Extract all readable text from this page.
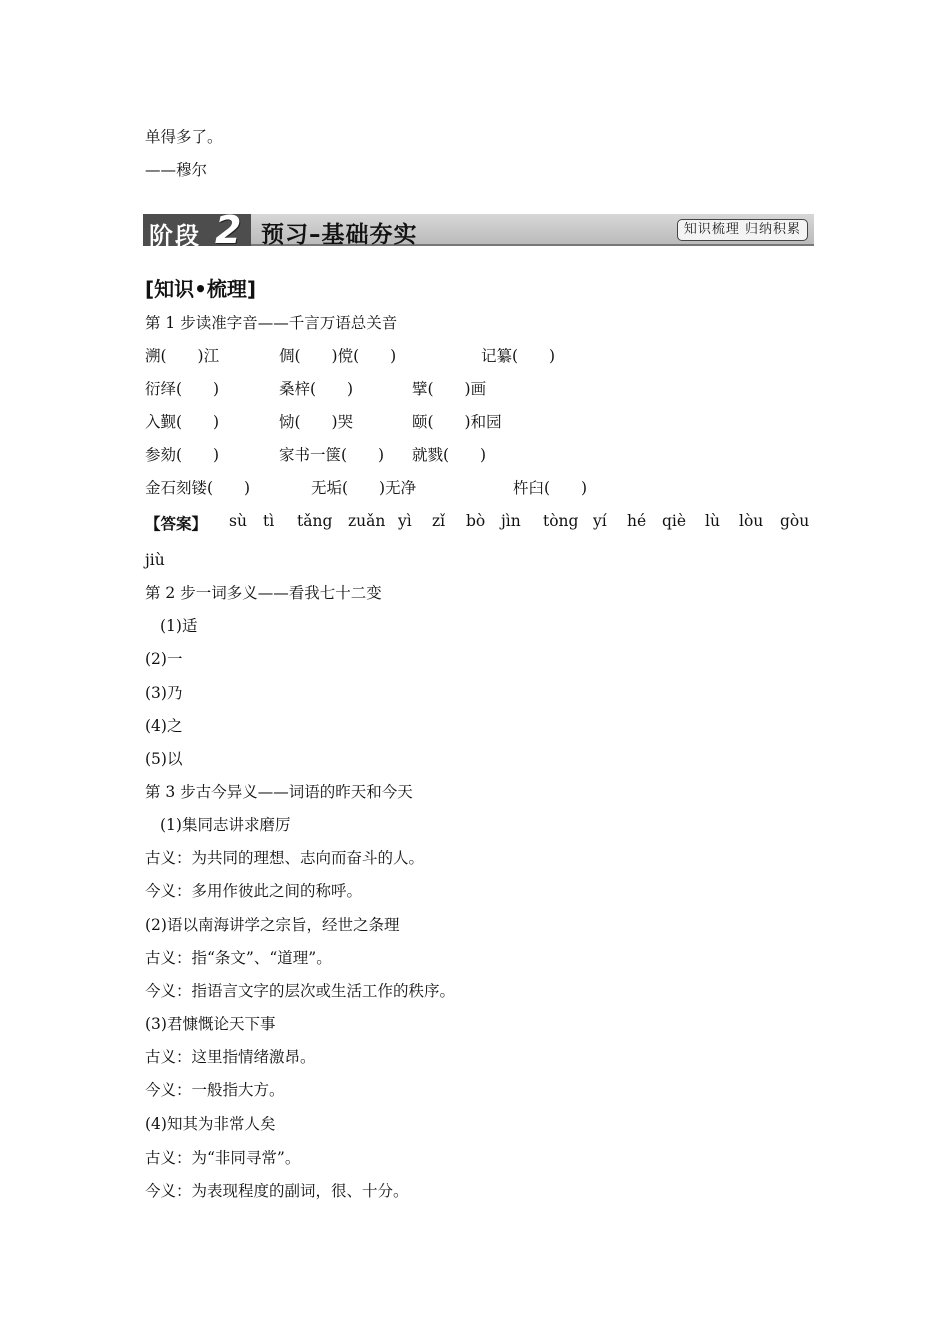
单得多了。
——穆尔
阶段 2 预习–基础夯实	知识梳理 归纳积累
[知识•梳理]
第 1 步读准字音——千言万语总关音
溯(　　)江	倜(　　)傥(　　)	记纂(　　)
衍绎(　　)	桑梓(　　)	擘(　　)画
入觐(　　)	恸(　　)哭	颐(　　)和园
参劾(　　)	家书一箧(　　) 就戮(　　)
金石刻镂(　　)	无垢(　　)无净	杵臼(　　)
【答案】 sù tì tǎng zuǎn yì zǐ bò jìn tòng yí hé qiè lù lòu gòu
jiù
第 2 步一词多义——看我七十二变
(1)适
(2)一
(3)乃
(4)之
(5)以
第 3 步古今异义——词语的昨天和今天
(1)集同志讲求磨厉
古义：为共同的理想、志向而奋斗的人。
今义：多用作彼此之间的称呼。
(2)语以南海讲学之宗旨，经世之条理
古义：指“条文”、“道理”。
今义：指语言文字的层次或生活工作的秩序。
(3)君慷慨论天下事
古义：这里指情绪激昂。
今义：一般指大方。
(4)知其为非常人矣
古义：为“非同寻常”。
今义：为表现程度的副词，很、十分。
